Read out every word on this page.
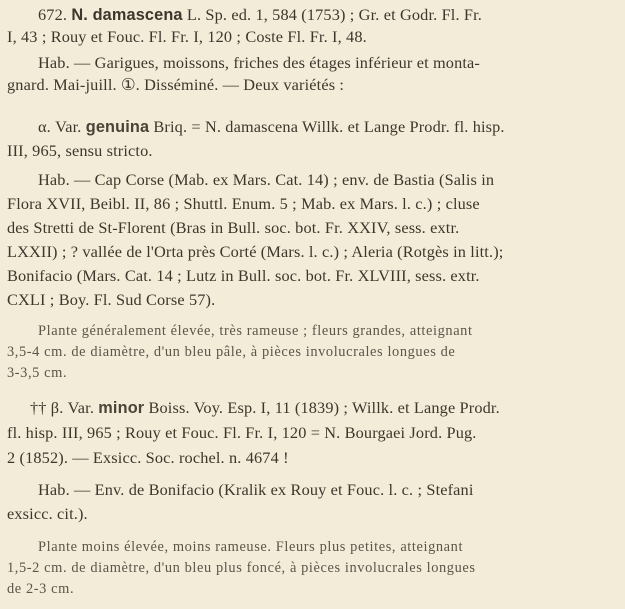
672. N. damascena L. Sp. ed. 1, 584 (1753) ; Gr. et Godr. Fl. Fr.
I, 43 ; Rouy et Fouc. Fl. Fr. I, 120 ; Coste Fl. Fr. I, 48.
Hab. — Garigues, moissons, friches des étages inférieur et monta-
gnard. Mai-juill. ①. Disséminé. — Deux variétés :
α. Var. genuina Briq. = N. damascena Willk. et Lange Prodr. fl. hisp.
III, 965, sensu stricto.
Hab. — Cap Corse (Mab. ex Mars. Cat. 14) ; env. de Bastia (Salis in
Flora XVII, Beibl. II, 86 ; Shuttl. Enum. 5 ; Mab. ex Mars. l. c.) ; cluse
des Stretti de St-Florent (Bras in Bull. soc. bot. Fr. XXIV, sess. extr.
LXXII) ; ? vallée de l'Orta près Corté (Mars. l. c.) ; Aleria (Rotgès in litt.);
Bonifacio (Mars. Cat. 14 ; Lutz in Bull. soc. bot. Fr. XLVIII, sess. extr.
CXLI ; Boy. Fl. Sud Corse 57).
Plante généralement élevée, très rameuse ; fleurs grandes, atteignant
3,5-4 cm. de diamètre, d'un bleu pâle, à pièces involucrales longues de
3-3,5 cm.
†† β. Var. minor Boiss. Voy. Esp. I, 11 (1839) ; Willk. et Lange Prodr.
fl. hisp. III, 965 ; Rouy et Fouc. Fl. Fr. I, 120 = N. Bourgaei Jord. Pug.
2 (1852). — Exsicc. Soc. rochel. n. 4674 !
Hab. — Env. de Bonifacio (Kralik ex Rouy et Fouc. l. c. ; Stefani
exsicc. cit.).
Plante moins élevée, moins rameuse. Fleurs plus petites, atteignant
1,5-2 cm. de diamètre, d'un bleu plus foncé, à pièces involucrales longues
de 2-3 cm.
